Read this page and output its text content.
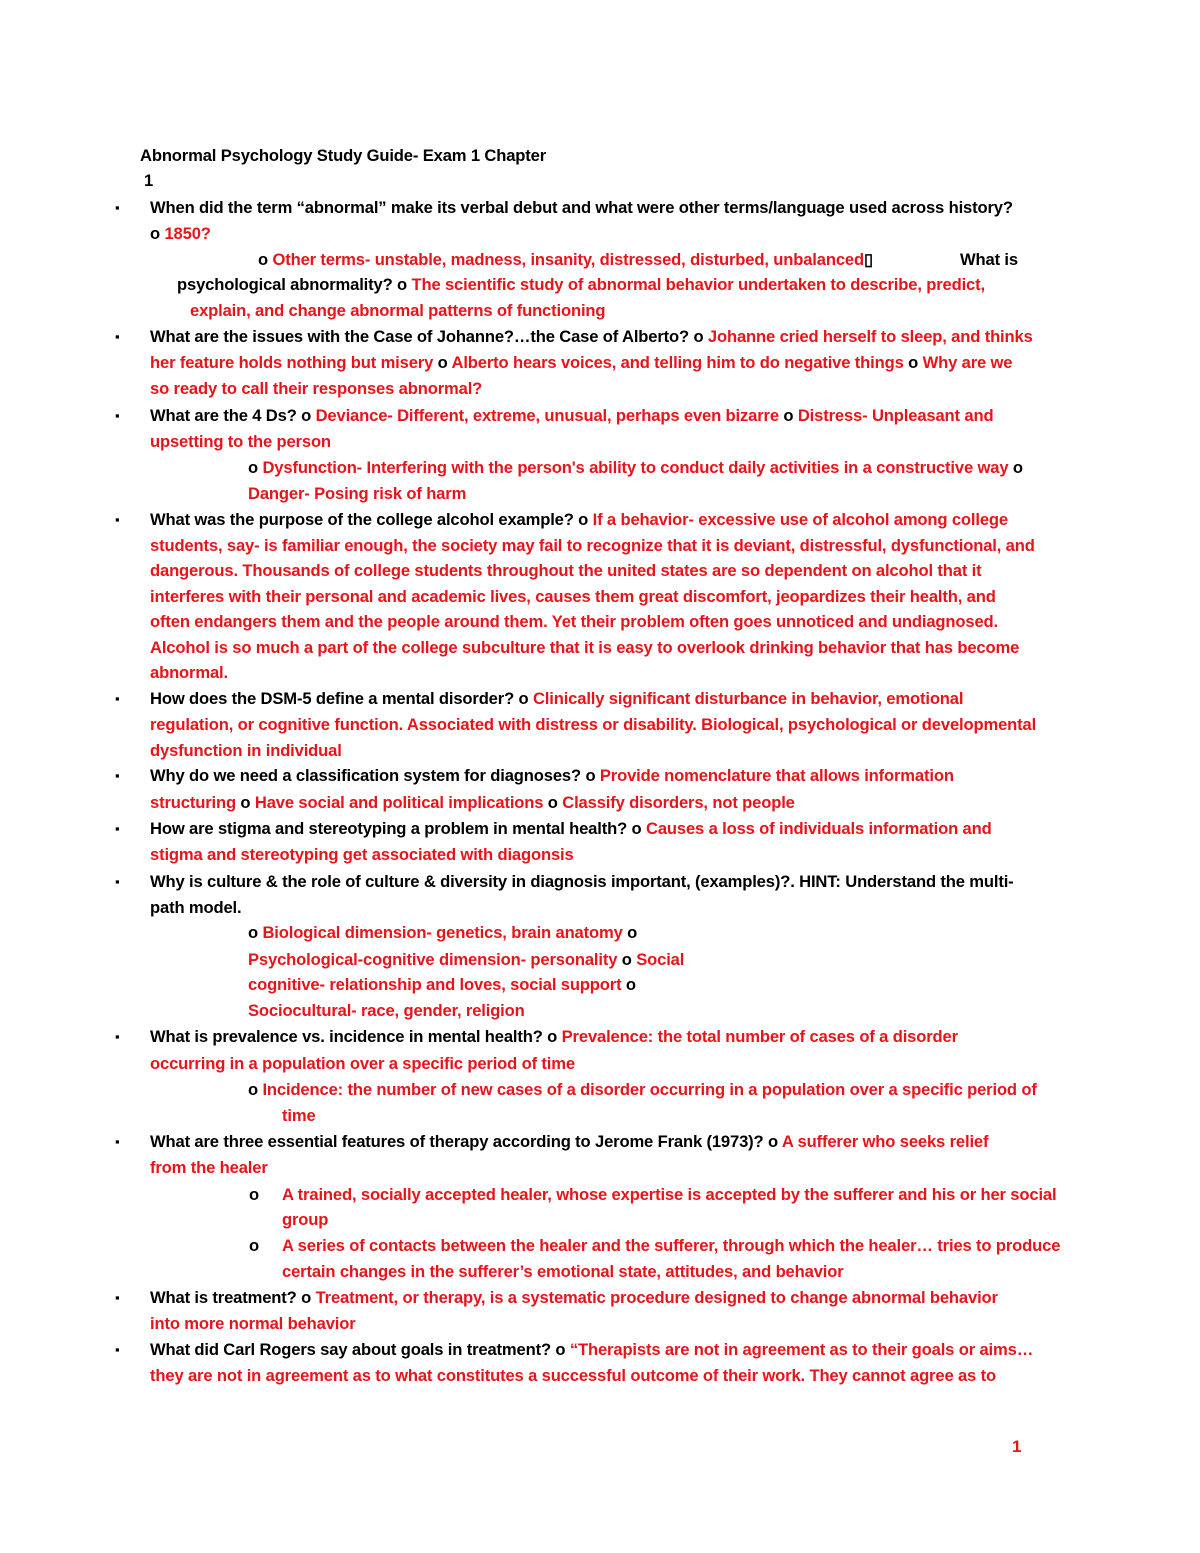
Abnormal Psychology Study Guide- Exam 1 Chapter
1
▪ When did the term “abnormal” make its verbal debut and what were other terms/language used across history?
o 1850?
o Other terms- unstable, madness, insanity, distressed, disturbed, unbalanced▯	What is
psychological abnormality? o The scientific study of abnormal behavior undertaken to describe, predict,
explain, and change abnormal patterns of functioning
▪ What are the issues with the Case of Johanne?…the Case of Alberto? o Johanne cried herself to sleep, and thinks
her feature holds nothing but misery o Alberto hears voices, and telling him to do negative things o Why are we
so ready to call their responses abnormal?
▪ What are the 4 Ds? o Deviance- Different, extreme, unusual, perhaps even bizarre o Distress- Unpleasant and
upsetting to the person
o Dysfunction- Interfering with the person's ability to conduct daily activities in a constructive way o
Danger- Posing risk of harm
▪ What was the purpose of the college alcohol example? o If a behavior- excessive use of alcohol among college
students, say- is familiar enough, the society may fail to recognize that it is deviant, distressful, dysfunctional, and
dangerous. Thousands of college students throughout the united states are so dependent on alcohol that it
interferes with their personal and academic lives, causes them great discomfort, jeopardizes their health, and
often endangers them and the people around them. Yet their problem often goes unnoticed and undiagnosed.
Alcohol is so much a part of the college subculture that it is easy to overlook drinking behavior that has become
abnormal.
▪ How does the DSM-5 define a mental disorder? o Clinically significant disturbance in behavior, emotional
regulation, or cognitive function. Associated with distress or disability. Biological, psychological or developmental
dysfunction in individual
▪ Why do we need a classification system for diagnoses? o Provide nomenclature that allows information
structuring o Have social and political implications o Classify disorders, not people
▪ How are stigma and stereotyping a problem in mental health? o Causes a loss of individuals information and
stigma and stereotyping get associated with diagonsis
▪ Why is culture & the role of culture & diversity in diagnosis important, (examples)?. HINT: Understand the multi-
path model.
o Biological dimension- genetics, brain anatomy o
Psychological-cognitive dimension- personality o Social
cognitive- relationship and loves, social support o
Sociocultural- race, gender, religion
▪ What is prevalence vs. incidence in mental health? o Prevalence: the total number of cases of a disorder
occurring in a population over a specific period of time
o Incidence: the number of new cases of a disorder occurring in a population over a specific period of
time
▪ What are three essential features of therapy according to Jerome Frank (1973)? o A sufferer who seeks relief
from the healer
o A trained, socially accepted healer, whose expertise is accepted by the sufferer and his or her social
group
o A series of contacts between the healer and the sufferer, through which the healer… tries to produce
certain changes in the sufferer’s emotional state, attitudes, and behavior
▪ What is treatment? o Treatment, or therapy, is a systematic procedure designed to change abnormal behavior
into more normal behavior
▪ What did Carl Rogers say about goals in treatment? o “Therapists are not in agreement as to their goals or aims…
they are not in agreement as to what constitutes a successful outcome of their work. They cannot agree as to
1
